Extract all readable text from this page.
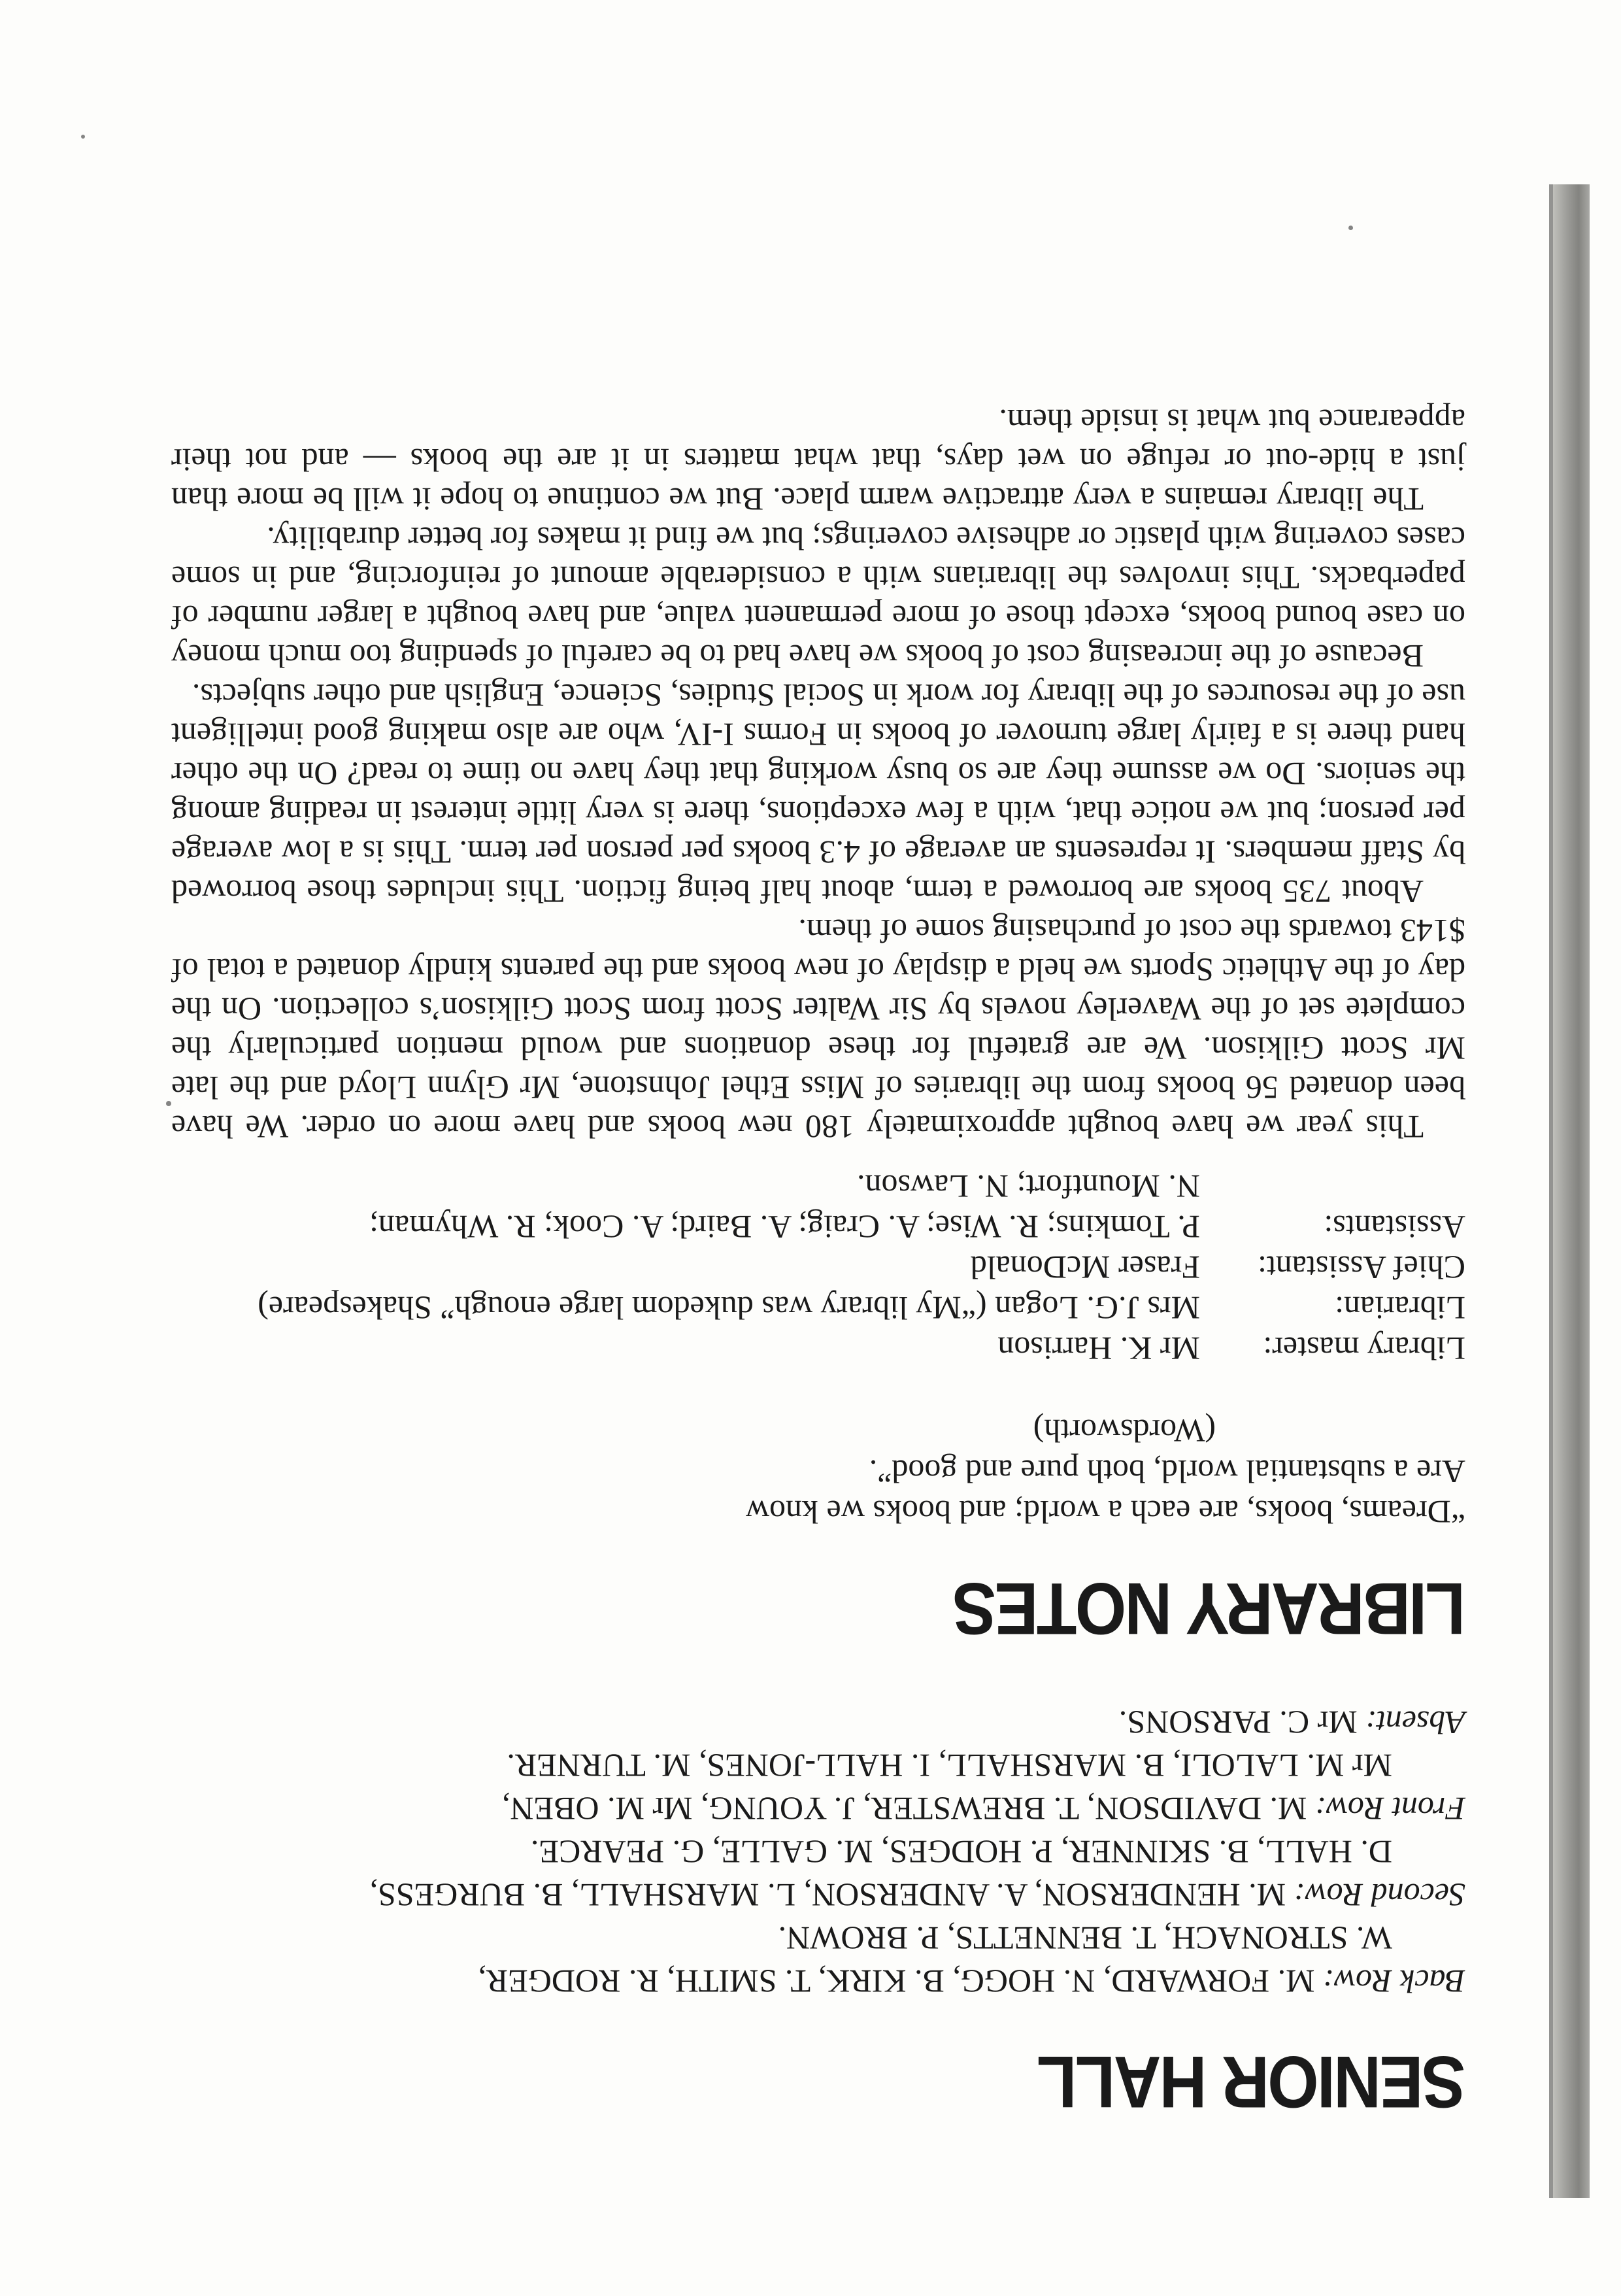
SENIOR HALL

Back Row: M. FORWARD, N. HOGG, B. KIRK, T. SMITH, R. RODGER,
W. STRONACH, T. BENNETTS, P. BROWN.

Second Row: M. HENDERSON, A. ANDERSON, L. MARSHALL, B. BURGESS,
D. HALL, B. SKINNER, P. HODGES, M. GALLE, G. PEARCE.

Front Row: M. DAVIDSON, T. BREWSTER, J. YOUNG, Mr M. OBEN,
Mr M. LALOLI, B. MARSHALL, I. HALL-JONES, M. TURNER.

Absent: Mr C. PARSONS.

LIBRARY NOTES

“Dreams, books, are each a world; and books we know

Are a substantial world, both pure and good”.

(Wordsworth)
Library master:
Mr K. Harrison
Librarian:
Mrs J.G. Logan (“My library was dukedom large enough” Shakespeare)
Chief Assistant:
Fraser McDonald
Assistants:
P. Tomkins; R. Wise; A. Craig; A. Baird; A. Cook; R. Whyman;
N. Mountfort; N. Lawson.

This year we have bought approximately 180 new books and have more on order. We have been donated 56 books from the libraries of Miss Ethel Johnstone, Mr Glynn Lloyd and the late Mr Scott Gilkison. We are grateful for these donations and would mention particularly the complete set of the Waverley novels by Sir Walter Scott from Scott Gilkison’s collection. On the day of the Athletic Sports we held a display of new books and the parents kindly donated a total of $143 towards the cost of purchasing some of them.

About 735 books are borrowed a term, about half being fiction. This includes those borrowed by Staff members. It represents an average of 4.3 books per person per term. This is a low average per person; but we notice that, with a few exceptions, there is very little interest in reading among the seniors. Do we assume they are so busy working that they have no time to read? On the other hand there is a fairly large turnover of books in Forms I-IV, who are also making good intelligent use of the resources of the library for work in Social Studies, Science, English and other subjects.

Because of the increasing cost of books we have had to be careful of spending too much money on case bound books, except those of more permanent value, and have bought a larger number of paperbacks. This involves the librarians with a considerable amount of reinforcing, and in some cases covering with plastic or adhesive coverings; but we find it makes for better durability.

The library remains a very attractive warm place. But we continue to hope it will be more than just a hide-out or refuge on wet days, that what matters in it are the books — and not their appearance but what is inside them.
